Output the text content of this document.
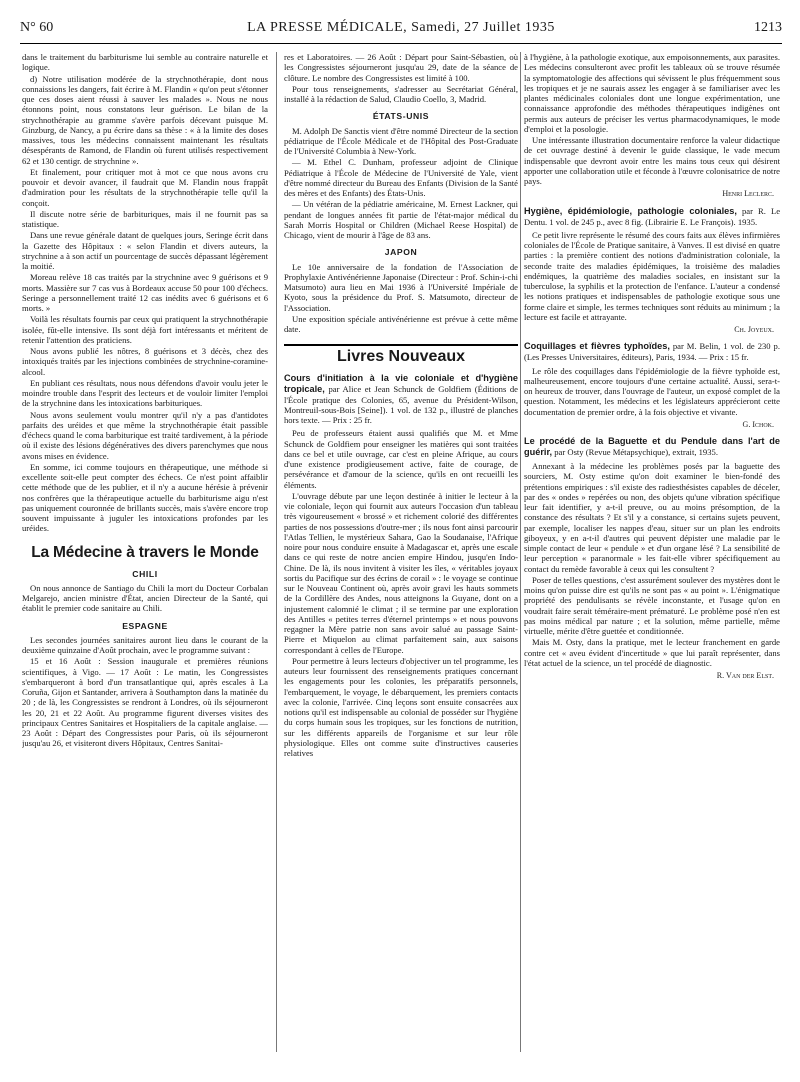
N° 60	LA PRESSE MÉDICALE, Samedi, 27 Juillet 1935	1213

dans le traitement du barbiturisme lui semble au contraire naturelle et logique.

d) Notre utilisation modérée de la strychnothérapie, dont nous connaissions les dangers, fait écrire à M. Flandin « qu'on peut s'étonner que ces doses aient réussi à sauver les malades ». Nous ne nous étonnons point, nous constatons leur guérison. Le bilan de la strychnothérapie au gramme s'avère parfois décevant puisque M. Ginzburg, de Nancy, a pu écrire dans sa thèse : « à la limite des doses massives, tous les médecins connaissent maintenant les résultats désespérants de Ramond, de Flandin où furent utilisés respectivement 62 et 130 centigr. de strychnine ».

Et finalement, pour critiquer mot à mot ce que nous avons cru pouvoir et devoir avancer, il faudrait que M. Flandin nous frappât d'admiration pour les résultats de la strychnothérapie telle qu'il la conçoit.

Il discute notre série de barbituriques, mais il ne fournit pas sa statistique.

Dans une revue générale datant de quelques jours, Seringe écrit dans la Gazette des Hôpitaux : « selon Flandin et divers auteurs, la strychnine a à son actif un pourcentage de succès dépassant légèrement la moitié.

Moreau relève 18 cas traités par la strychnine avec 9 guérisons et 9 morts. Massière sur 7 cas vus à Bordeaux accuse 50 pour 100 d'échecs. Seringe a personnellement traité 12 cas inédits avec 6 guérisons et 6 morts. »

Voilà les résultats fournis par ceux qui pratiquent la strychnothérapie isolée, fût-elle intensive. Ils sont déjà fort intéressants et méritent de retenir l'attention des praticiens.

Nous avons publié les nôtres, 8 guérisons et 3 décès, chez des intoxiqués traités par les injections combinées de strychnine-coramine-alcool.

En publiant ces résultats, nous nous défendons d'avoir voulu jeter le moindre trouble dans l'esprit des lecteurs et de vouloir limiter l'emploi de la strychnine dans les intoxications barbituriques.

Nous avons seulement voulu montrer qu'il n'y a pas d'antidotes parfaits des uréides et que même la strychnothérapie était passible d'échecs quand le coma barbiturique est traité tardivement, à la période où il existe des lésions dégénératives des divers parenchymes que nous avons mises en évidence.

En somme, ici comme toujours en thérapeutique, une méthode si excellente soit-elle peut compter des échecs. Ce n'est point affaiblir cette méthode que de les publier, et il n'y a aucune hérésie à prévenir nos confrères que la thérapeutique actuelle du barbiturisme aigu n'est pas uniquement couronnée de brillants succès, mais s'avère encore trop souvent impuissante à juguler les intoxications profondes par les uréides.

La Médecine à travers le Monde
CHILI

On nous annonce de Santiago du Chili la mort du Docteur Corbalan Melgarejo, ancien ministre d'État, ancien Directeur de la Santé, qui établit le premier code sanitaire au Chili.

ESPAGNE

Les secondes journées sanitaires auront lieu dans le courant de la deuxième quinzaine d'Août prochain, avec le programme suivant :

15 et 16 Août : Session inaugurale et premières réunions scientifiques, à Vigo. — 17 Août : Le matin, les Congressistes s'embarqueront à bord d'un transatlantique qui, après escales à La Coruña, Gijon et Santander, arrivera à Southampton dans la matinée du 20 ; de là, les Congressistes se rendront à Londres, où ils séjourneront les 20, 21 et 22 Août. Au programme figurent diverses visites des principaux Centres Sanitaires et Hospitaliers de la capitale anglaise. — 23 Août : Départ des Congressistes pour Paris, où ils séjourneront jusqu'au 26, et visiteront divers Hôpitaux, Centres Sanitai-

res et Laboratoires. — 26 Août : Départ pour Saint-Sébastien, où les Congressistes séjourneront jusqu'au 29, date de la séance de clôture. Le nombre des Congressistes est limité à 100.

Pour tous renseignements, s'adresser au Secrétariat Général, installé à la rédaction de Salud, Claudio Coello, 3, Madrid.

ÉTATS-UNIS

M. Adolph De Sanctis vient d'être nommé Directeur de la section pédiatrique de l'École Médicale et de l'Hôpital des Post-Graduate de l'Université Columbia à New-York.

— M. Ethel C. Dunham, professeur adjoint de Clinique Pédiatrique à l'École de Médecine de l'Université de Yale, vient d'être nommé directeur du Bureau des Enfants (Division de la Santé des mères et des Enfants) des États-Unis.

— Un vétéran de la pédiatrie américaine, M. Ernest Lackner, qui pendant de longues années fit partie de l'état-major médical du Sarah Morris Hospital or Children (Michael Reese Hospital) de Chicago, vient de mourir à l'âge de 83 ans.

JAPON

Le 10e anniversaire de la fondation de l'Association de Prophylaxie Antivénérienne Japonaise (Directeur : Prof. Schin-i-chi Matsumoto) aura lieu en Mai 1936 à l'Université Impériale de Kyoto, sous la présidence du Prof. S. Matsumoto, directeur de l'Association.

Une exposition spéciale antivénérienne est prévue à cette même date.

Livres Nouveaux

Cours d'initiation à la vie coloniale et d'hygiène tropicale, par Alice et Jean Schunck de Goldfiem (Éditions de l'École pratique des Colonies, 65, avenue du Président-Wilson, Montreuil-sous-Bois [Seine]). 1 vol. de 132 p., illustré de planches hors texte. — Prix : 25 fr.

Peu de professeurs étaient aussi qualifiés que M. et Mme Schunck de Goldfiem pour enseigner les matières qui sont traitées dans ce bel et utile ouvrage, car c'est en pleine Afrique, au cours d'une existence prodigieusement active, faite de courage, de persévérance et d'amour de la science, qu'ils en ont recueilli les éléments.

L'ouvrage débute par une leçon destinée à initier le lecteur à la vie coloniale, leçon qui fournit aux auteurs l'occasion d'un tableau très vigoureusement « brossé » et richement colorié des différentes parties de nos possessions d'outre-mer ; ils nous font ainsi parcourir l'Atlas Tellien, le mystérieux Sahara, Gao la Soudanaise, l'Afrique noire pour nous conduire ensuite à Madagascar et, après une escale dans ce qui reste de notre ancien empire Hindou, jusqu'en Indo-Chine. De là, ils nous invitent à visiter les îles, « véritables joyaux sortis du Pacifique sur des écrins de corail » : le voyage se continue sur le Nouveau Continent où, après avoir gravi les hauts sommets de la Cordillère des Andes, nous atteignons la Guyane, dont on a injustement calomnié le climat ; il se termine par une exploration des Antilles « petites terres d'éternel printemps » et nous pouvons regagner la Mère patrie non sans avoir salué au passage Saint-Pierre et Miquelon au climat parfaitement sain, aux saisons correspondant à celles de l'Europe.

Pour permettre à leurs lecteurs d'objectiver un tel programme, les auteurs leur fournissent des renseignements pratiques concernant les engagements pour les colonies, les préparatifs personnels, l'embarquement, le voyage, le débarquement, les premiers contacts avec la colonie, l'arrivée. Cinq leçons sont ensuite consacrées aux notions qu'il est indispensable au colonial de posséder sur l'hygiène du corps humain sous les tropiques, sur les fonctions de nutrition, sur les différents appareils de l'organisme et sur leur rôle physiologique. Elles ont comme suite d'instructives causeries relatives

à l'hygiène, à la pathologie exotique, aux empoisonnements, aux parasites. Les médecins consulteront avec profit les tableaux où se trouve résumée la symptomatologie des affections qui sévissent le plus fréquemment sous les tropiques et je ne saurais assez les engager à se familiariser avec les plantes médicinales coloniales dont une longue expérimentation, une connaissance approfondie des méthodes thérapeutiques indigènes ont permis aux auteurs de préciser les vertus pharmacodynamiques, le mode d'emploi et la posologie.

Une intéressante illustration documentaire renforce la valeur didactique de cet ouvrage destiné à devenir le guide classique, le vade mecum indispensable que devront avoir entre les mains tous ceux qui désirent apporter une collaboration utile et féconde à l'œuvre colonisatrice de notre pays.

Henri Leclerc.

Hygiène, épidémiologie, pathologie coloniales, par R. Le Dentu. 1 vol. de 245 p., avec 8 fig. (Librairie E. Le François). 1935.

Ce petit livre représente le résumé des cours faits aux élèves infirmières coloniales de l'École de Pratique sanitaire, à Vanves. Il est divisé en quatre parties : la première contient des notions d'administration coloniale, la seconde traite des maladies épidémiques, la troisième des maladies endémiques, la quatrième des maladies sociales, en insistant sur la tuberculose, la syphilis et la protection de l'enfance. L'auteur a condensé les notions pratiques et indispensables de pathologie exotique sous une forme claire et simple, les termes techniques sont réduits au minimum ; la lecture est facile et attrayante.

Ch. Joyeux.

Coquillages et fièvres typhoïdes, par M. Belin, 1 vol. de 230 p. (Les Presses Universitaires, éditeurs), Paris, 1934. — Prix : 15 fr.

Le rôle des coquillages dans l'épidémiologie de la fièvre typhoïde est, malheureusement, encore toujours d'une certaine actualité. Aussi, sera-t-on heureux de trouver, dans l'ouvrage de l'auteur, un exposé complet de la question. Notamment, les médecins et les législateurs apprécieront cette documentation de premier ordre, à la fois objective et vivante.

G. Ichok.

Le procédé de la Baguette et du Pendule dans l'art de guérir, par Osty (Revue Métapsychique), extrait, 1935.

Annexant à la médecine les problèmes posés par la baguette des sourciers, M. Osty estime qu'on doit examiner le bien-fondé des prétentions empiriques : s'il existe des radiesthésistes capables de déceler, par des « ondes » repérées ou non, des objets qu'une vibration spécifique leur fait identifier, y a-t-il preuve, ou au moins présomption, de la constance des résultats ? Et s'il y a constance, si certains sujets peuvent, par exemple, localiser les nappes d'eau, situer sur un plan les endroits giboyeux, y en a-t-il d'autres qui peuvent dépister une maladie par le simple contact de leur « pendule » et d'un organe lésé ? La sensibilité de leur perception « paranormale » les fait-elle vibrer spécifiquement au contact du remède favorable à ceux qui les consultent ?

Poser de telles questions, c'est assurément soulever des mystères dont le moins qu'on puisse dire est qu'ils ne sont pas « au point ». L'énigmatique propriété des pendulisants se révèle inconstante, et l'usage qu'on en voudrait faire serait téméraire-ment prématuré. Le problème posé n'en est pas moins médical par nature ; et la solution, même partielle, même virtuelle, mérite d'être guettée et conditionnée.

Mais M. Osty, dans la pratique, met le lecteur franchement en garde contre cet « aveu évident d'incertitude » que lui paraît représenter, dans l'état actuel de la science, un tel procédé de diagnostic.

R. Van der Elst.
